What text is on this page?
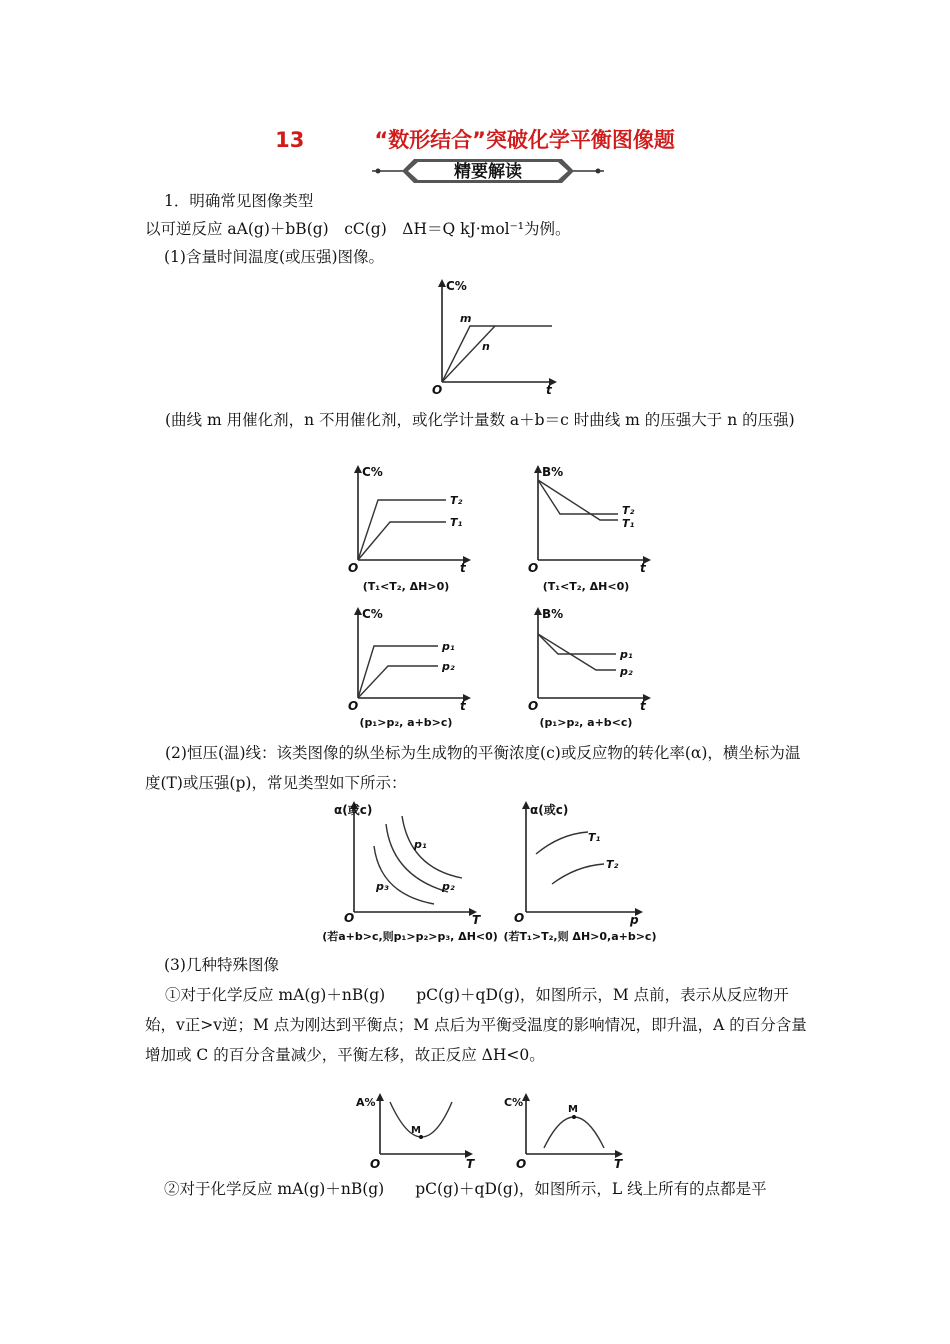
13	“数形结合”突破化学平衡图像题
精要解读
1．明确常见图像类型
以可逆反应 aA(g)＋bB(g)　cC(g)　ΔH＝Q kJ·mol⁻¹为例。
(1)含量时间温度(或压强)图像。
C%
O	t
m
n
(曲线 m 用催化剂，n 不用催化剂，或化学计量数 a＋b＝c 时曲线 m 的压强大于 n 的压强)
C%
O	t
T₂
T₁
(T₁<T₂, ΔH>0)
B%
O	t
T₂
T₁
(T₁<T₂, ΔH<0)
C%
O	t
p₁
p₂
(p₁>p₂, a+b>c)
B%
O	t
p₁
p₂
(p₁>p₂, a+b<c)
(2)恒压(温)线：该类图像的纵坐标为生成物的平衡浓度(c)或反应物的转化率(α)，横坐标为温度(T)或压强(p)，常见类型如下所示：
α(或c)
O	T
p₁
p₂
p₃
(若a+b>c,则p₁>p₂>p₃, ΔH<0)
α(或c)
O	p
T₁
T₂
(若T₁>T₂,则 ΔH>0,a+b>c)
(3)几种特殊图像
①对于化学反应 mA(g)＋nB(g)　　pC(g)＋qD(g)，如图所示，M 点前，表示从反应物开始，v正>v逆；M 点为刚达到平衡点；M 点后为平衡受温度的影响情况，即升温，A 的百分含量增加或 C 的百分含量减少，平衡左移，故正反应 ΔH<0。
A%
O	T
M
C%
O	T
M
②对于化学反应 mA(g)＋nB(g)　　pC(g)＋qD(g)，如图所示，L 线上所有的点都是平
